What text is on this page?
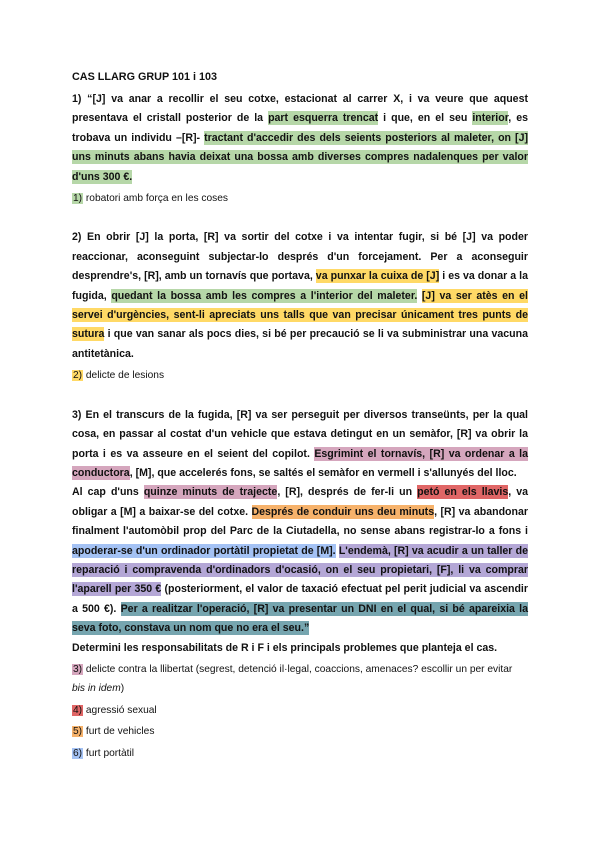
CAS LLARG GRUP 101 i 103

1) “[J] va anar a recollir el seu cotxe, estacionat al carrer X, i va veure que aquest presentava el cristall posterior de la part esquerra trencat i que, en el seu interior, es trobava un individu –[R]- tractant d'accedir des dels seients posteriors al maleter, on [J] uns minuts abans havia deixat una bossa amb diverses compres nadalenques per valor d'uns 300 €.

1) robatori amb força en les coses

2) En obrir [J] la porta, [R] va sortir del cotxe i va intentar fugir, si bé [J] va poder reaccionar, aconseguint subjectar-lo després d'un forcejament. Per a aconseguir desprendre's, [R], amb un tornavís que portava, va punxar la cuixa de [J] i es va donar a la fugida, quedant la bossa amb les compres a l'interior del maleter. [J] va ser atès en el servei d'urgències, sent-li apreciats uns talls que van precisar únicament tres punts de sutura i que van sanar als pocs dies, si bé per precaució se li va subministrar una vacuna antitetànica.

2) delicte de lesions

3) En el transcurs de la fugida, [R] va ser perseguit per diversos transeünts, per la qual cosa, en passar al costat d'un vehicle que estava detingut en un semàfor, [R] va obrir la porta i es va asseure en el seient del copilot. Esgrimint el tornavís, [R] va ordenar a la conductora, [M], que accelerés fons, se saltés el semàfor en vermell i s'allunyés del lloc.

Al cap d'uns quinze minuts de trajecte, [R], després de fer-li un petó en els llavis, va obligar a [M] a baixar-se del cotxe. Després de conduir uns deu minuts, [R] va abandonar finalment l'automòbil prop del Parc de la Ciutadella, no sense abans registrar-lo a fons i apoderar-se d'un ordinador portàtil propietat de [M]. L'endemà, [R] va acudir a un taller de reparació i compravenda d'ordinadors d'ocasió, on el seu propietari, [F], li va comprar l'aparell per 350 € (posteriorment, el valor de taxació efectuat pel perit judicial va ascendir a 500 €). Per a realitzar l'operació, [R] va presentar un DNI en el qual, si bé apareixia la seva foto, constava un nom que no era el seu.”

Determini les responsabilitats de R i F i els principals problemes que planteja el cas.

3) delicte contra la llibertat (segrest, detenció il·legal, coaccions, amenaces? escollir un per evitar bis in idem)

4) agressió sexual

5) furt de vehicles

6) furt portàtil
